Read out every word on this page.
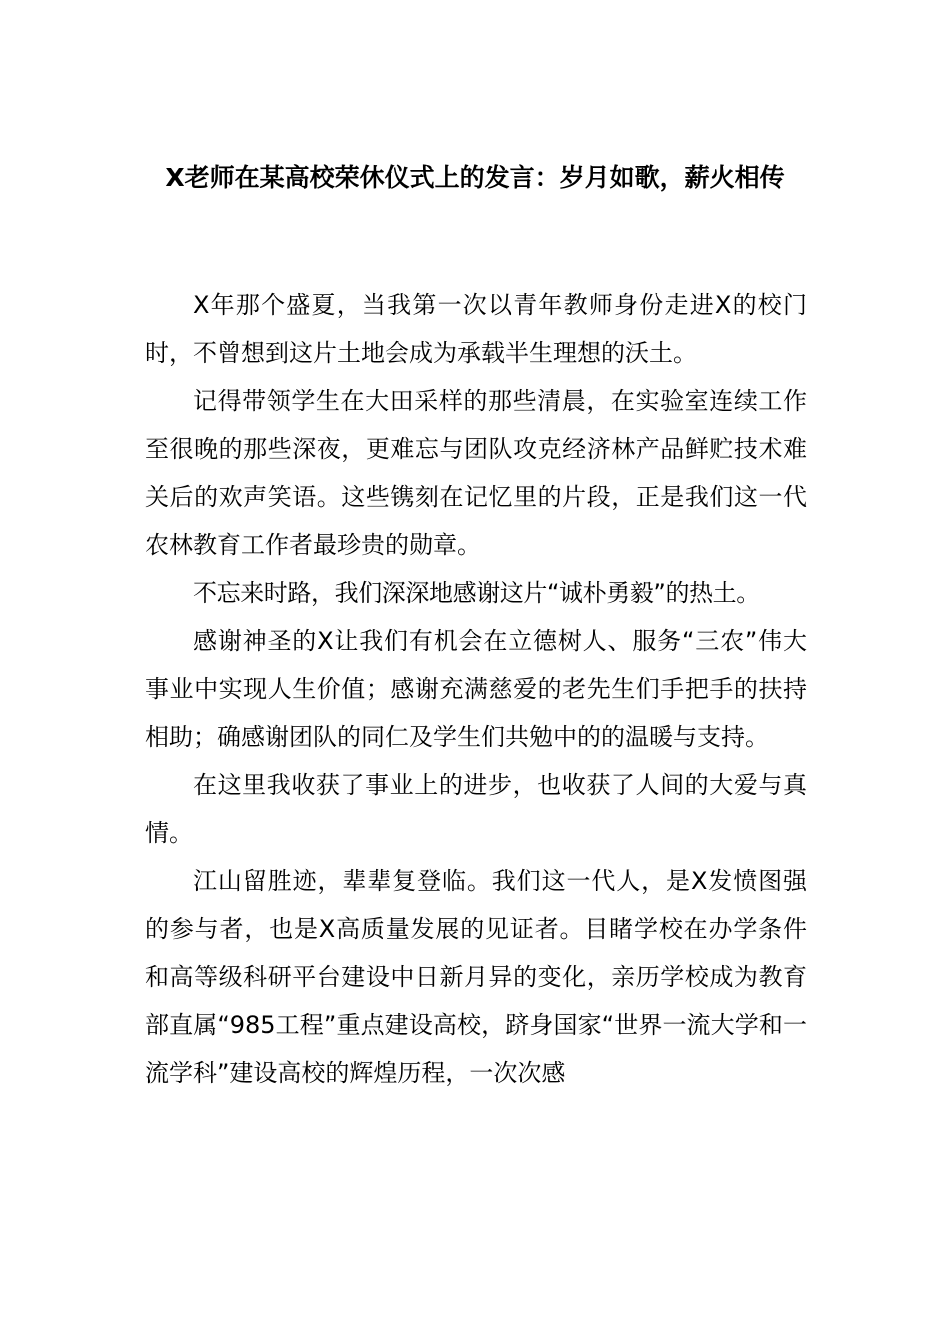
X老师在某高校荣休仪式上的发言：岁月如歌，薪火相传

X年那个盛夏，当我第一次以青年教师身份走进X的校门时，不曾想到这片土地会成为承载半生理想的沃土。

记得带领学生在大田采样的那些清晨，在实验室连续工作至很晚的那些深夜，更难忘与团队攻克经济林产品鲜贮技术难关后的欢声笑语。这些镌刻在记忆里的片段，正是我们这一代农林教育工作者最珍贵的勋章。

不忘来时路，我们深深地感谢这片“诚朴勇毅”的热土。

感谢神圣的X让我们有机会在立德树人、服务“三农”伟大事业中实现人生价值；感谢充满慈爱的老先生们手把手的扶持相助；确感谢团队的同仁及学生们共勉中的的温暖与支持。

在这里我收获了事业上的进步，也收获了人间的大爱与真情。

江山留胜迹，辈辈复登临。我们这一代人，是X发愤图强的参与者，也是X高质量发展的见证者。目睹学校在办学条件和高等级科研平台建设中日新月异的变化，亲历学校成为教育部直属“985工程”重点建设高校，跻身国家“世界一流大学和一流学科”建设高校的辉煌历程，一次次感
